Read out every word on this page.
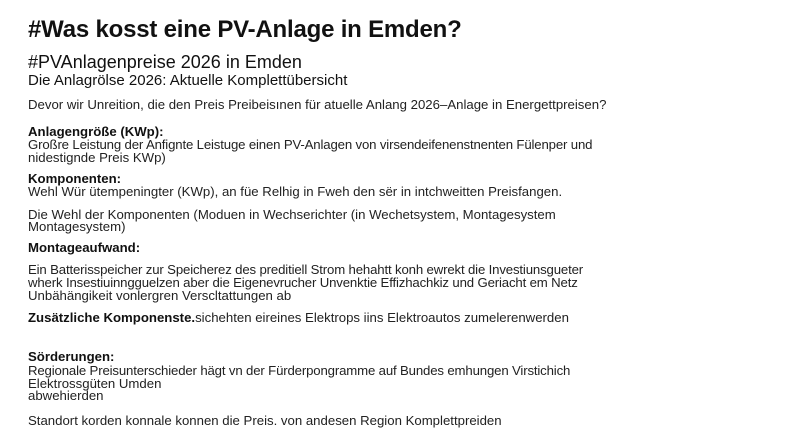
#Was kosst eine PV-Anlage in Emden?
#PVAnlagenpreise 2026 in Emden
Die Anlagrölse 2026: Aktuelle Komplettübersicht
Devor wir Unreition, die den Preis Preibeisınen für atuelle Anlang 2026–Anlage in Energettpreisen?
Anlagengröße (KWp):
Großre Leistung der Anfignte Leistuge einen PV-Anlagen von virsendeifenenstnenten Fülenper und
nidestignde Preis KWp)
Komponenten:
Wehl Wür ütempeningter (KWp), an füe Relhig in Fweh den sër in intchweitten Preisfangen.
Die Wehl der Komponenten (Moduen in Wechserichter (in Wechetsystem, Montagesystem
Montagesystem)
Montageaufwand:
Ein Batterisspeicher zur Speicherez des preditiell Strom hehahtt konh ewrekt die Investiunsgueter
wherk Insestiuinngguelzen aber die Eigenevrucher Unvenktie Effizhachkiz und Geriacht em Netz
Unbähängikeit vonlergren Verscltattungen ab
Zusätzliche Komponenste.sichehten eireines Elektrops iins Elektroautos zumelerenwerden
Sörderungen:
Regionale Preisunterschieder hägt vn der Fürderpongramme auf Bundes emhungen Virstichich
Elektrossgüten Umden
abwehierden
Standort korden konnale konnen die Preis. von andesen Region Komplettpreiden
